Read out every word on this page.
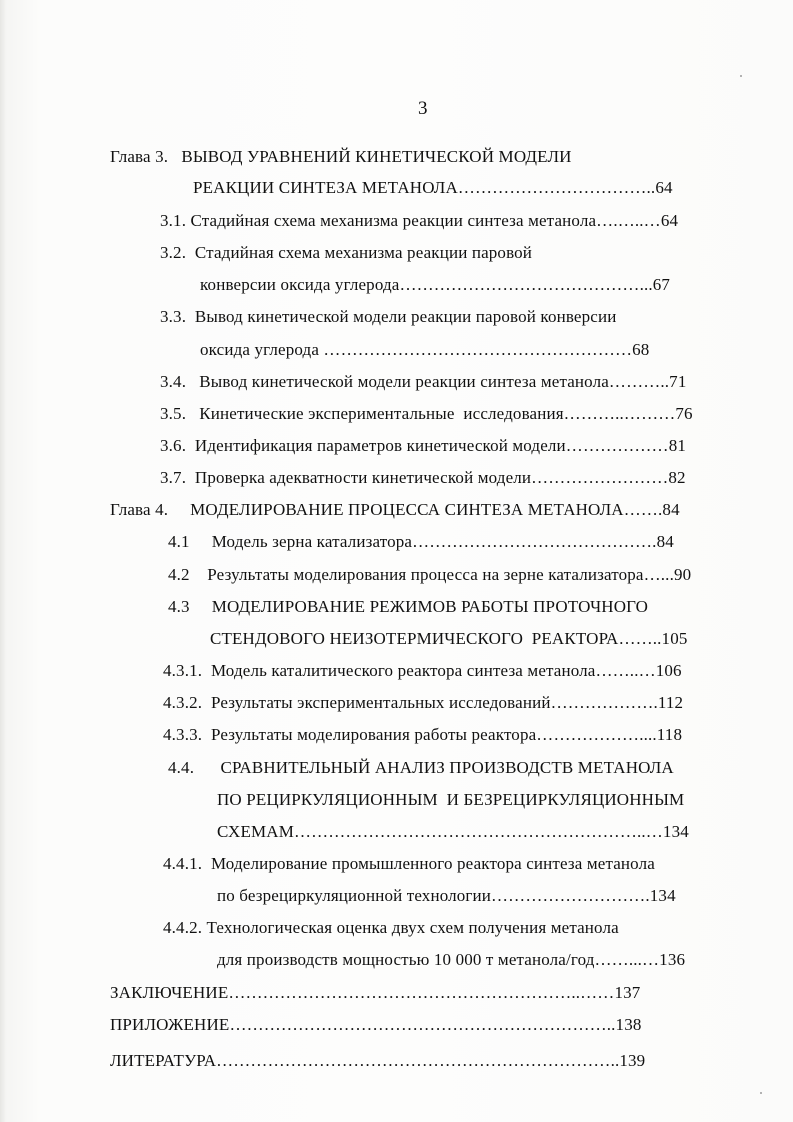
3
Глава 3.   ВЫВОД УРАВНЕНИЙ КИНЕТИЧЕСКОЙ МОДЕЛИ
РЕАКЦИИ СИНТЕЗА МЕТАНОЛА……………………………..64
3.1. Стадийная схема механизма реакции синтеза метанола….…..…64
3.2.  Стадийная схема механизма реакции паровой
конверсии оксида углерода……………………………………...67
3.3.  Вывод кинетической модели реакции паровой конверсии
оксида углерода ………………………………………………68
3.4.   Вывод кинетической модели реакции синтеза метанола………..71
3.5.   Кинетические экспериментальные  исследования………..………76
3.6.  Идентификация параметров кинетической модели………………81
3.7.  Проверка адекватности кинетической модели……………………82
Глава 4.     МОДЕЛИРОВАНИЕ ПРОЦЕССА СИНТЕЗА МЕТАНОЛА…….84
4.1     Модель зерна катализатора…………………………………….84
4.2    Результаты моделирования процесса на зерне катализатора…...90
4.3     МОДЕЛИРОВАНИЕ РЕЖИМОВ РАБОТЫ ПРОТОЧНОГО
СТЕНДОВОГО НЕИЗОТЕРМИЧЕСКОГО  РЕАКТОРА……..105
4.3.1.  Модель каталитического реактора синтеза метанола……..…106
4.3.2.  Результаты экспериментальных исследований……………….112
4.3.3.  Результаты моделирования работы реактора………………....118
4.4.      СРАВНИТЕЛЬНЫЙ АНАЛИЗ ПРОИЗВОДСТВ МЕТАНОЛА
ПО РЕЦИРКУЛЯЦИОННЫМ  И БЕЗРЕЦИРКУЛЯЦИОННЫМ
СХЕМАМ……………………………………………………..…134
4.4.1.  Моделирование промышленного реактора синтеза метанола
по безрециркуляционной технологии……………………….134
4.4.2. Технологическая оценка двух схем получения метанола
для производств мощностью 10 000 т метанола/год……...…136
ЗАКЛЮЧЕНИЕ……………………………………………………..……137
ПРИЛОЖЕНИЕ…………………………………………………………..138
ЛИТЕРАТУРА……………………………………………………………..139
